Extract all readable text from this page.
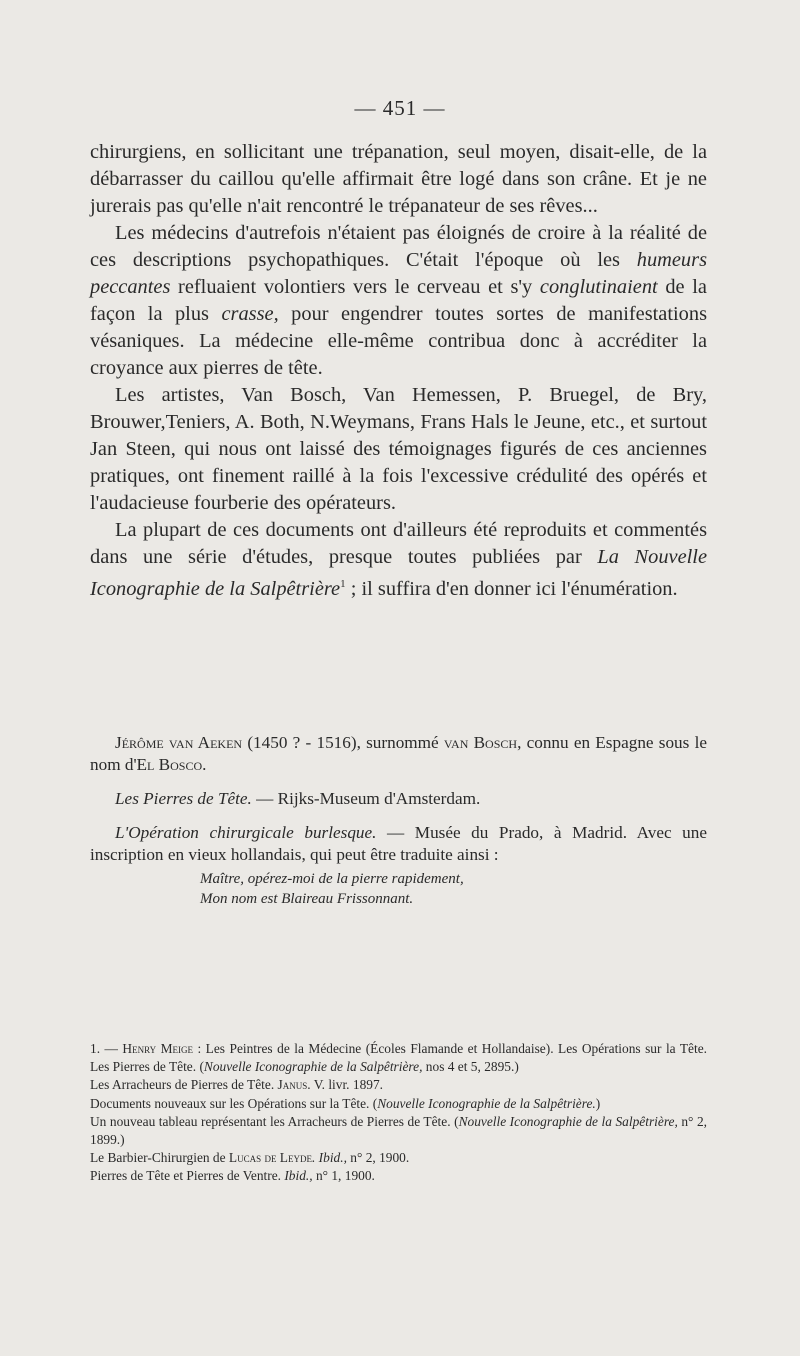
— 451 —

chirurgiens, en sollicitant une trépanation, seul moyen, disait-elle, de la débarrasser du caillou qu'elle affirmait être logé dans son crâne. Et je ne jurerais pas qu'elle n'ait rencontré le trépanateur de ses rêves...

Les médecins d'autrefois n'étaient pas éloignés de croire à la réalité de ces descriptions psychopathiques. C'était l'époque où les humeurs peccantes refluaient volontiers vers le cerveau et s'y conglutinaient de la façon la plus crasse, pour engendrer toutes sortes de manifestations vésaniques. La médecine elle-même contribua donc à accréditer la croyance aux pierres de tête.

Les artistes, Van Bosch, Van Hemessen, P. Bruegel, de Bry, Brouwer,Teniers, A. Both, N.Weymans, Frans Hals le Jeune, etc., et surtout Jan Steen, qui nous ont laissé des témoignages figurés de ces anciennes pratiques, ont finement raillé à la fois l'excessive crédulité des opérés et l'audacieuse fourberie des opérateurs.

La plupart de ces documents ont d'ailleurs été reproduits et commentés dans une série d'études, presque toutes publiées par La Nouvelle Iconographie de la Salpêtrière$^1$ ; il suffira d'en donner ici l'énumération.

Jérôme van Aeken (1450 ? - 1516), surnommé van Bosch, connu en Espagne sous le nom d'El Bosco.

Les Pierres de Tête. — Rijks-Museum d'Amsterdam.

L'Opération chirurgicale burlesque. — Musée du Prado, à Madrid. Avec une inscription en vieux hollandais, qui peut être traduite ainsi :

Maître, opérez-moi de la pierre rapidement,
Mon nom est Blaireau Frissonnant.

1. — Henry Meige : Les Peintres de la Médecine (Écoles Flamande et Hollandaise). Les Opérations sur la Tête. Les Pierres de Tête. (Nouvelle Iconographie de la Salpêtrière, nos 4 et 5, 2895.)

Les Arracheurs de Pierres de Tête. Janus. V. livr. 1897.

Documents nouveaux sur les Opérations sur la Tête. (Nouvelle Iconographie de la Salpêtrière.)

Un nouveau tableau représentant les Arracheurs de Pierres de Tête. (Nouvelle Iconographie de la Salpêtrière, n° 2, 1899.)

Le Barbier-Chirurgien de Lucas de Leyde. Ibid., n° 2, 1900.

Pierres de Tête et Pierres de Ventre. Ibid., n° 1, 1900.
